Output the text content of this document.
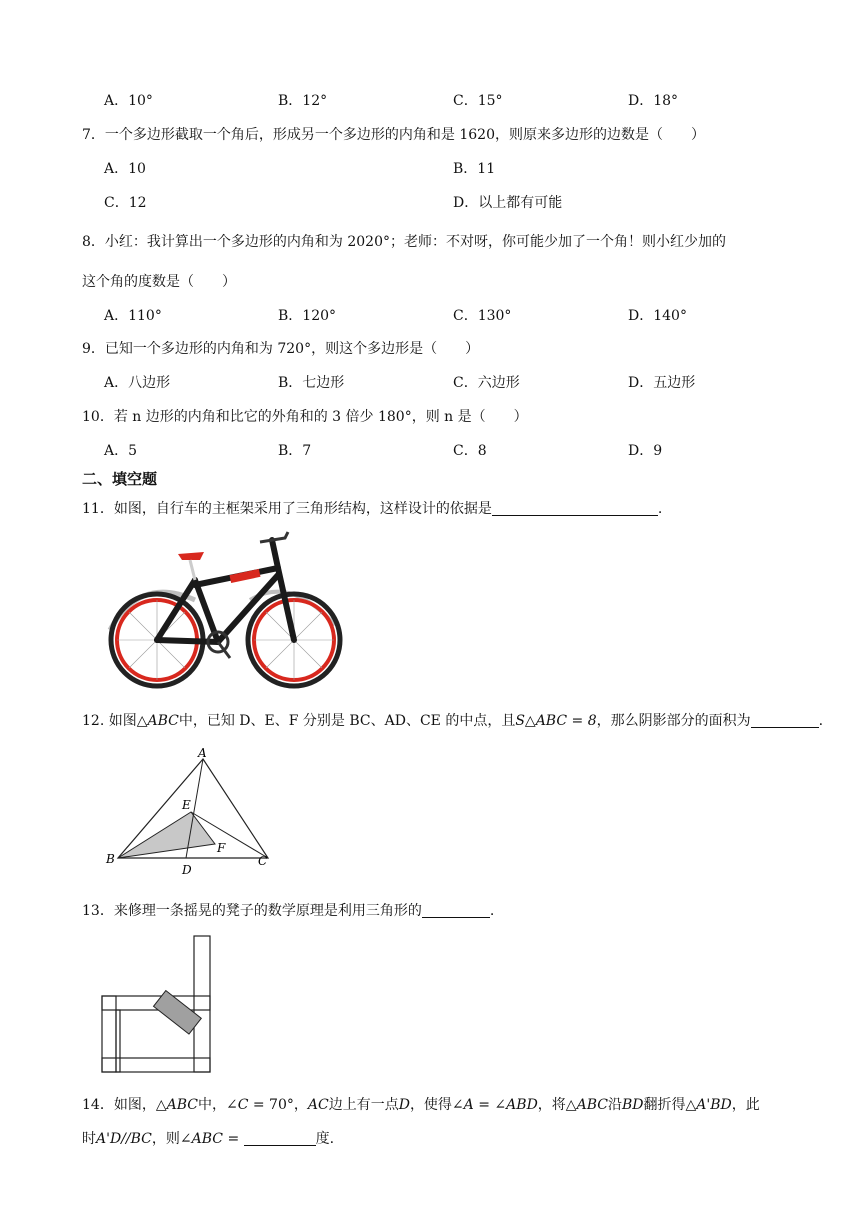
A．10°	B．12°	C．15°	D．18°
7．一个多边形截取一个角后，形成另一个多边形的内角和是 1620，则原来多边形的边数是（　　）
A．10	B．11
C．12	D．以上都有可能
8．小红：我计算出一个多边形的内角和为 2020°；老师：不对呀，你可能少加了一个角！则小红少加的
这个角的度数是（　　）
A．110°	B．120°	C．130°	D．140°
9．已知一个多边形的内角和为 720°，则这个多边形是（　　）
A．八边形	B．七边形	C．六边形	D．五边形
10．若 n 边形的内角和比它的外角和的 3 倍少 180°，则 n 是（　　）
A．5	B．7	C．8	D．9
二、填空题
11．如图，自行车的主框架采用了三角形结构，这样设计的依据是	.
12. 如图△ABC中，已知 D、E、F 分别是 BC、AD、CE 的中点，且S△ABC = 8，那么阴影部分的面积为	.
A
E
F
B
D
C
13．来修理一条摇晃的凳子的数学原理是利用三角形的	.
14．如图，△ABC中，∠C = 70°，AC边上有一点D，使得∠A = ∠ABD，将△ABC沿BD翻折得△A'BD，此
时A'D//BC，则∠ABC =	度.
